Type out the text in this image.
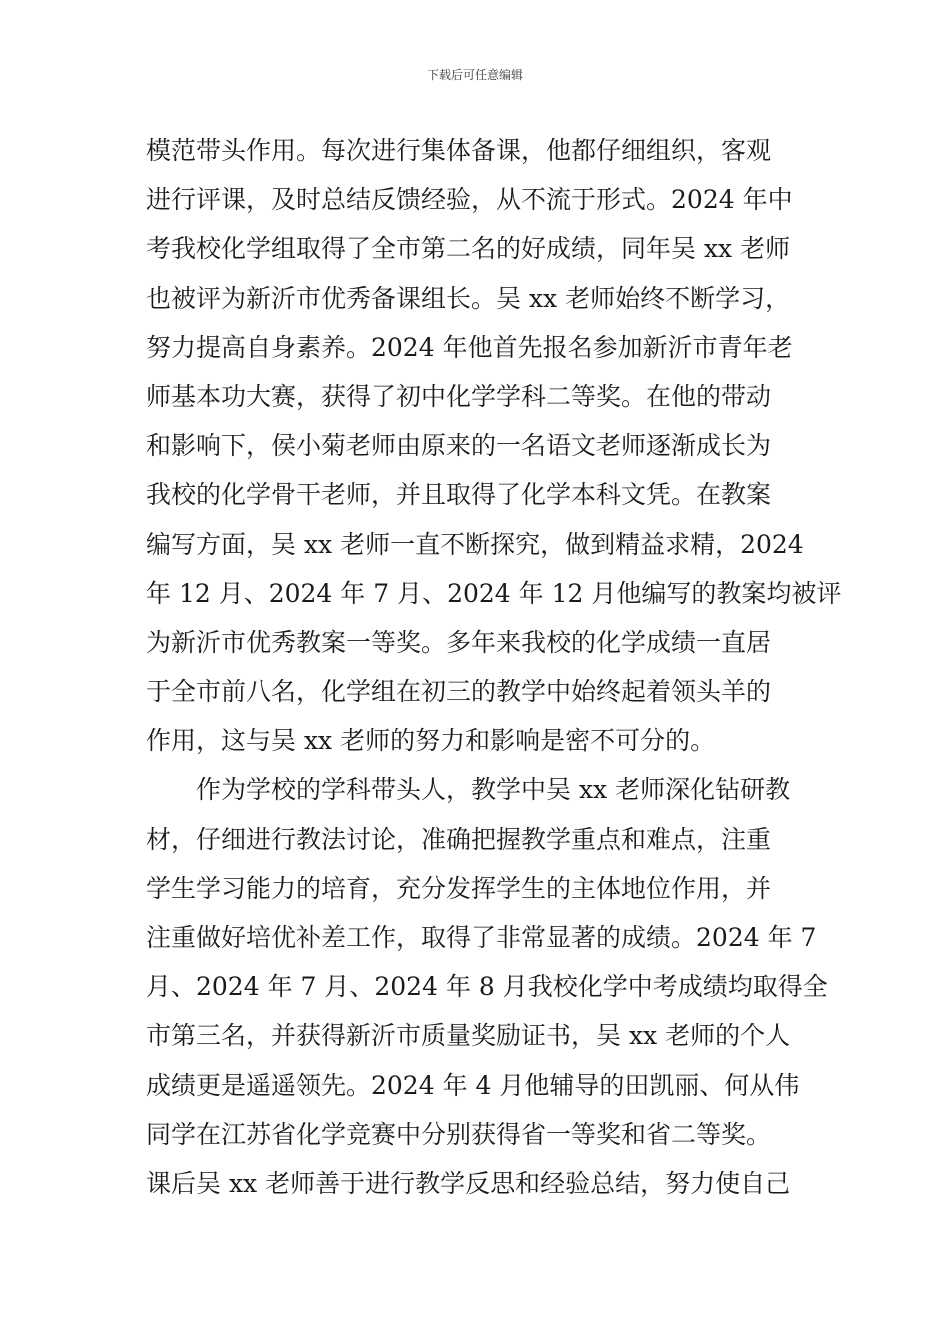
下载后可任意编辑
模范带头作用。每次进行集体备课，他都仔细组织，客观
进行评课，及时总结反馈经验，从不流于形式。2024 年中
考我校化学组取得了全市第二名的好成绩，同年吴 xx 老师
也被评为新沂市优秀备课组长。吴 xx 老师始终不断学习，
努力提高自身素养。2024 年他首先报名参加新沂市青年老
师基本功大赛，获得了初中化学学科二等奖。在他的带动
和影响下，侯小菊老师由原来的一名语文老师逐渐成长为
我校的化学骨干老师，并且取得了化学本科文凭。在教案
编写方面，吴 xx 老师一直不断探究，做到精益求精，2024
年 12 月、2024 年 7 月、2024 年 12 月他编写的教案均被评
为新沂市优秀教案一等奖。多年来我校的化学成绩一直居
于全市前八名，化学组在初三的教学中始终起着领头羊的
作用，这与吴 xx 老师的努力和影响是密不可分的。
作为学校的学科带头人，教学中吴 xx 老师深化钻研教
材，仔细进行教法讨论，准确把握教学重点和难点，注重
学生学习能力的培育，充分发挥学生的主体地位作用，并
注重做好培优补差工作，取得了非常显著的成绩。2024 年 7
月、2024 年 7 月、2024 年 8 月我校化学中考成绩均取得全
市第三名，并获得新沂市质量奖励证书，吴 xx 老师的个人
成绩更是遥遥领先。2024 年 4 月他辅导的田凯丽、何从伟
同学在江苏省化学竞赛中分别获得省一等奖和省二等奖。
课后吴 xx 老师善于进行教学反思和经验总结，努力使自己
